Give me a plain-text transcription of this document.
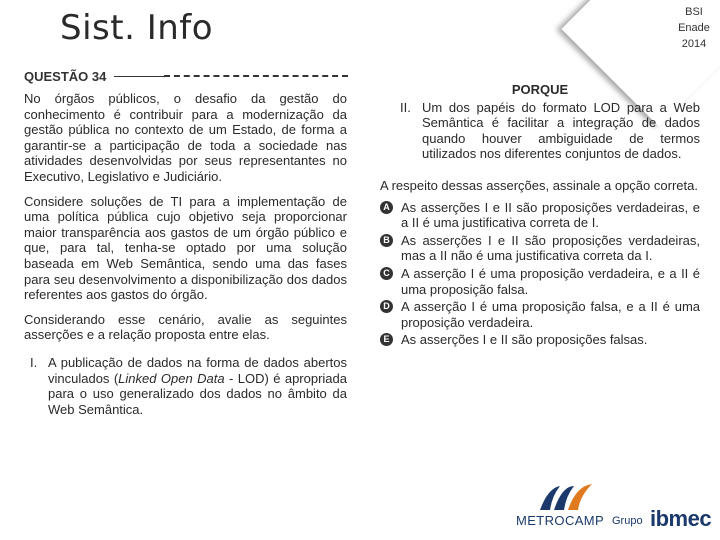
Sist. Info	BSI
Enade
2014
QUESTÃO 34

No órgãos públicos, o desafio da gestão do conhecimento é contribuir para a modernização da gestão pública no contexto de um Estado, de forma a garantir-se a participação de toda a sociedade nas atividades desenvolvidas por seus representantes no Executivo, Legislativo e Judiciário.

Considere soluções de TI para a implementação de uma política pública cujo objetivo seja proporcionar maior transparência aos gastos de um órgão público e que, para tal, tenha-se optado por uma solução baseada em Web Semântica, sendo uma das fases para seu desenvolvimento a disponibilização dos dados referentes aos gastos do órgão.

Considerando esse cenário, avalie as seguintes asserções e a relação proposta entre elas.

I. A publicação de dados na forma de dados abertos vinculados (Linked Open Data - LOD) é apropriada para o uso generalizado dos dados no âmbito da Web Semântica.
PORQUE
II. Um dos papéis do formato LOD para a Web Semântica é facilitar a integração de dados quando houver ambiguidade de termos utilizados nos diferentes conjuntos de dados.
A respeito dessas asserções, assinale a opção correta.
A As asserções I e II são proposições verdadeiras, e a II é uma justificativa correta de I.
B As asserções I e II são proposições verdadeiras, mas a II não é uma justificativa correta da I.
C A asserção I é uma proposição verdadeira, e a II é uma proposição falsa.
D A asserção I é uma proposição falsa, e a II é uma proposição verdadeira.
E As asserções I e II são proposições falsas.
METROCAMP Grupo ibmec
